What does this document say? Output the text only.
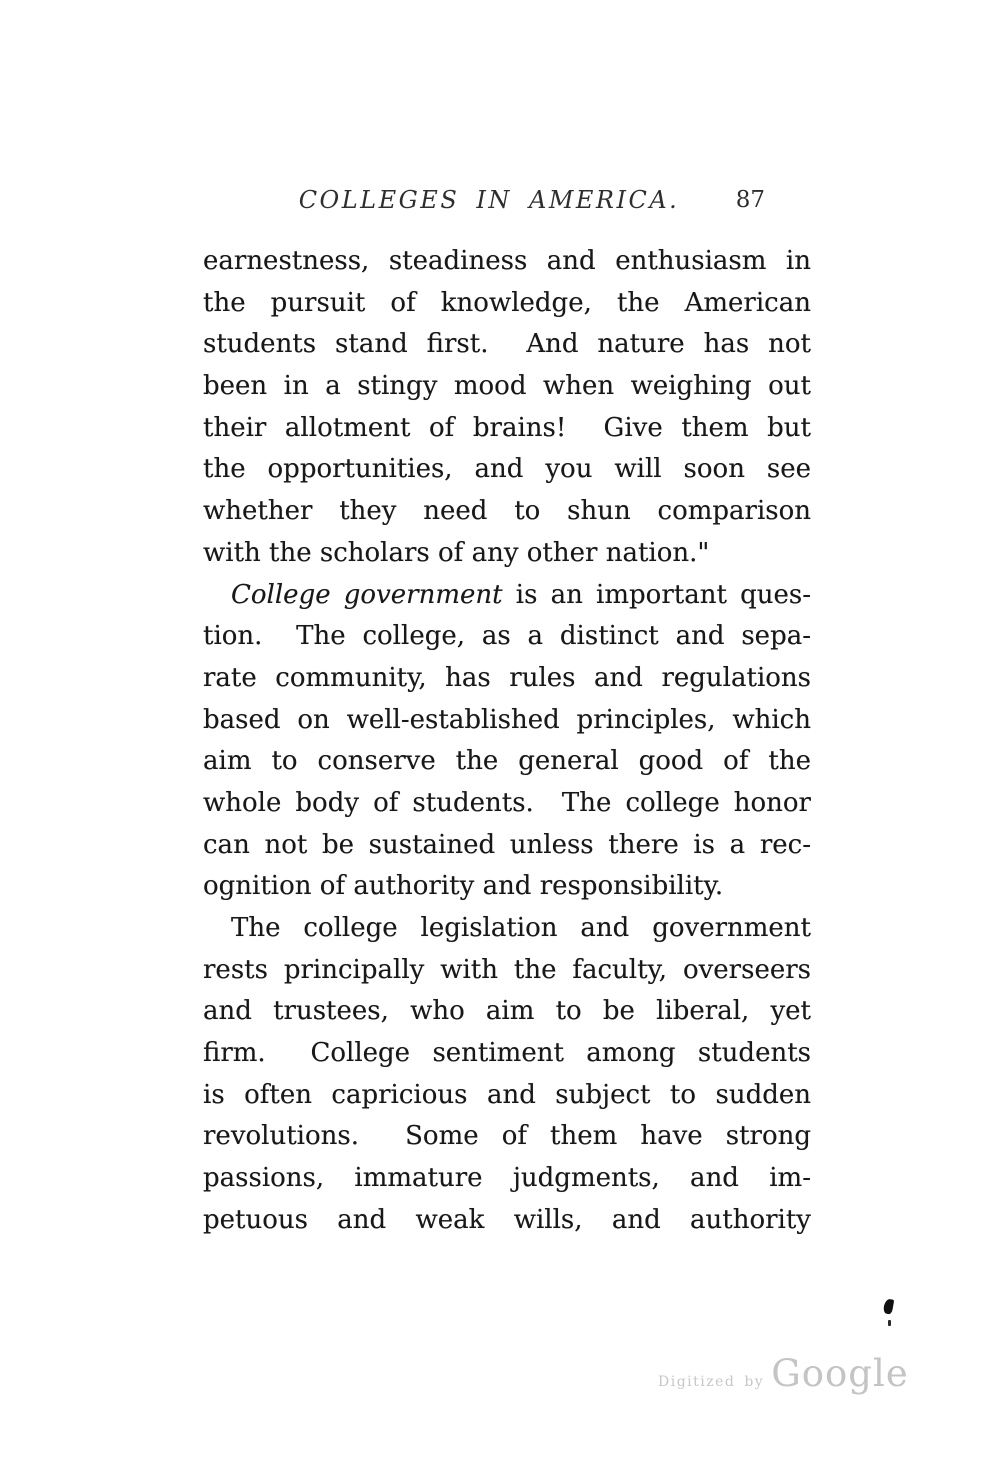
COLLEGES IN AMERICA.	87
earnestness, steadiness and enthusiasm in
the pursuit of knowledge, the American
students stand first.  And nature has not
been in a stingy mood when weighing out
their allotment of brains!  Give them but
the opportunities, and you will soon see
whether they need to shun comparison
with the scholars of any other nation."
College government is an important ques-
tion.  The college, as a distinct and sepa-
rate community, has rules and regulations
based on well-established principles, which
aim to conserve the general good of the
whole body of students.  The college honor
can not be sustained unless there is a rec-
ognition of authority and responsibility.
The college legislation and government
rests principally with the faculty, overseers
and trustees, who aim to be liberal, yet
firm.  College sentiment among students
is often capricious and subject to sudden
revolutions.  Some of them have strong
passions, immature judgments, and im-
petuous and weak wills, and authority
Digitized by Google
